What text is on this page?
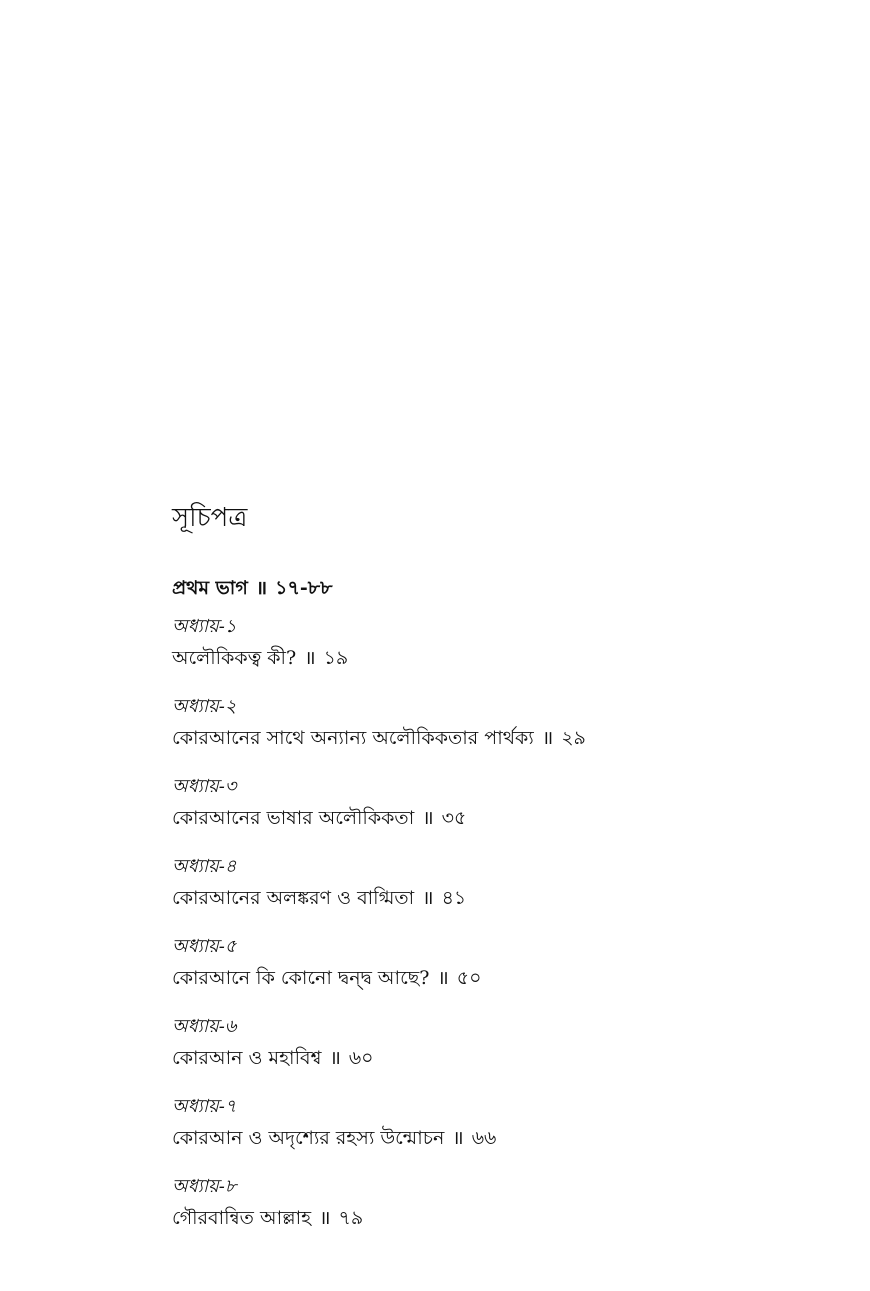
সূচিপত্র
প্রথম ভাগ ॥ ১৭-৮৮
অধ্যায়-১
অলৌকিকত্ব কী? ॥ ১৯
অধ্যায়-২
কোরআনের সাথে অন্যান্য অলৌকিকতার পার্থক্য ॥ ২৯
অধ্যায়-৩
কোরআনের ভাষার অলৌকিকতা ॥ ৩৫
অধ্যায়-৪
কোরআনের অলঙ্করণ ও বাগ্মিতা ॥ ৪১
অধ্যায়-৫
কোরআনে কি কোনো দ্বন্দ্ব আছে? ॥ ৫০
অধ্যায়-৬
কোরআন ও মহাবিশ্ব ॥ ৬০
অধ্যায়-৭
কোরআন ও অদৃশ্যের রহস্য উন্মোচন ॥ ৬৬
অধ্যায়-৮
গৌরবান্বিত আল্লাহ ॥ ৭৯
